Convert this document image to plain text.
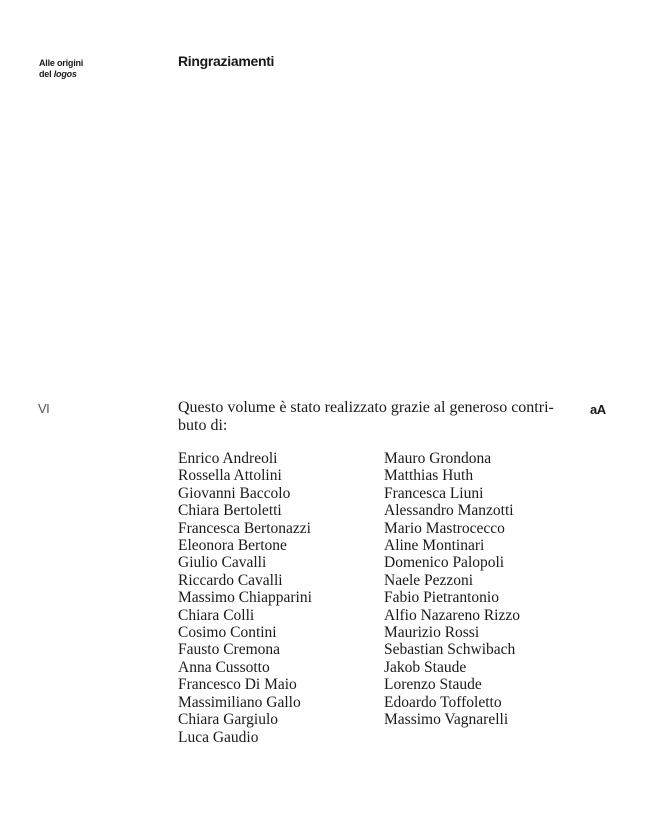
Alle origini
del logos
Ringraziamenti
VI	aA

Questo volume è stato realizzato grazie al generoso contri-buto di:

Enrico Andreoli
Rossella Attolini
Giovanni Baccolo
Chiara Bertoletti
Francesca Bertonazzi
Eleonora Bertone
Giulio Cavalli
Riccardo Cavalli
Massimo Chiapparini
Chiara Colli
Cosimo Contini
Fausto Cremona
Anna Cussotto
Francesco Di Maio
Massimiliano Gallo
Chiara Gargiulo
Luca Gaudio
Mauro Grondona
Matthias Huth
Francesca Liuni
Alessandro Manzotti
Mario Mastrocecco
Aline Montinari
Domenico Palopoli
Naele Pezzoni
Fabio Pietrantonio
Alfio Nazareno Rizzo
Maurizio Rossi
Sebastian Schwibach
Jakob Staude
Lorenzo Staude
Edoardo Toffoletto
Massimo Vagnarelli
